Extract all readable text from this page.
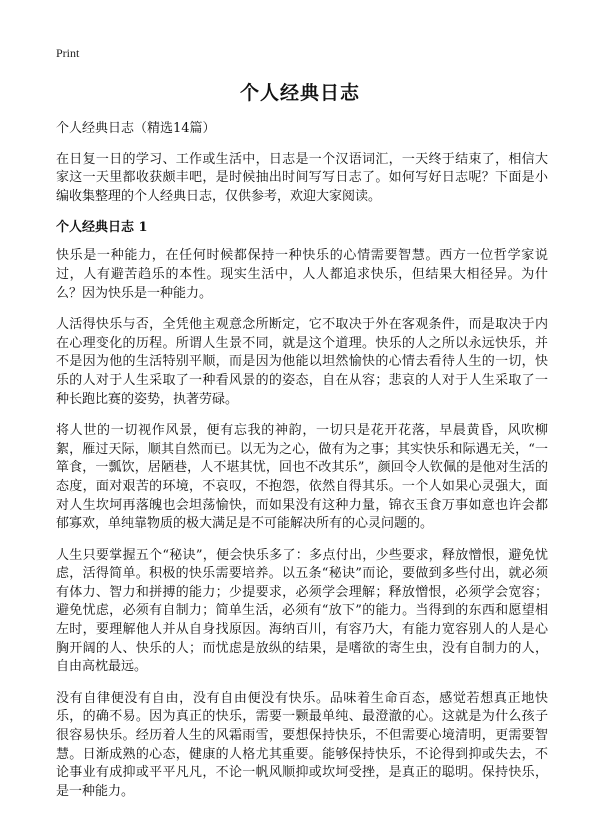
Print
个人经典日志

个人经典日志（精选14篇）

在日复一日的学习、工作或生活中，日志是一个汉语词汇，一天终于结束了，相信大家这一天里都收获颇丰吧，是时候抽出时间写写日志了。如何写好日志呢？下面是小编收集整理的个人经典日志，仅供参考，欢迎大家阅读。

个人经典日志 1

快乐是一种能力，在任何时候都保持一种快乐的心情需要智慧。西方一位哲学家说过，人有避苦趋乐的本性。现实生活中，人人都追求快乐，但结果大相径异。为什么？因为快乐是一种能力。

人活得快乐与否，全凭他主观意念所断定，它不取决于外在客观条件，而是取决于内在心理变化的历程。所谓人生景不同，就是这个道理。快乐的人之所以永远快乐，并不是因为他的生活特别平顺，而是因为他能以坦然愉快的心情去看待人生的一切，快乐的人对于人生采取了一种看风景的的姿态，自在从容；悲哀的人对于人生采取了一种长跑比赛的姿势，执著劳碌。

将人世的一切视作风景，便有忘我的神韵，一切只是花开花落，早晨黄昏，风吹柳絮，雁过天际，顺其自然而已。以无为之心，做有为之事；其实快乐和际遇无关，“一箪食，一瓢饮，居陋巷，人不堪其忧，回也不改其乐”，颜回令人钦佩的是他对生活的态度，面对艰苦的环境，不哀叹，不抱怨，依然自得其乐。一个人如果心灵强大，面对人生坎坷再落魄也会坦荡愉快，而如果没有这种力量，锦衣玉食万事如意也许会都郁寡欢，单纯靠物质的极大满足是不可能解决所有的心灵问题的。

人生只要掌握五个“秘诀”，便会快乐多了：多点付出，少些要求，释放憎恨，避免忧虑，活得简单。积极的快乐需要培养。以五条“秘诀”而论，要做到多些付出，就必须有体力、智力和拼搏的能力；少提要求，必须学会理解；释放憎恨，必须学会宽容；避免忧虑，必须有自制力；简单生活，必须有“放下”的能力。当得到的东西和愿望相左时，要理解他人并从自身找原因。海纳百川，有容乃大，有能力宽容别人的人是心胸开阔的人、快乐的人；而忧虑是放纵的结果，是嗜欲的寄生虫，没有自制力的人，自由高枕最远。

没有自律便没有自由，没有自由便没有快乐。品味着生命百态，感觉若想真正地快乐，的确不易。因为真正的快乐，需要一颗最单纯、最澄澈的心。这就是为什么孩子很容易快乐。经历着人生的风霜雨雪，要想保持快乐，不但需要心境清明，更需要智慧。日渐成熟的心态，健康的人格尤其重要。能够保持快乐，不论得到抑或失去，不论事业有成抑或平平凡凡，不论一帆风顺抑或坎坷受挫，是真正的聪明。保持快乐，是一种能力。
